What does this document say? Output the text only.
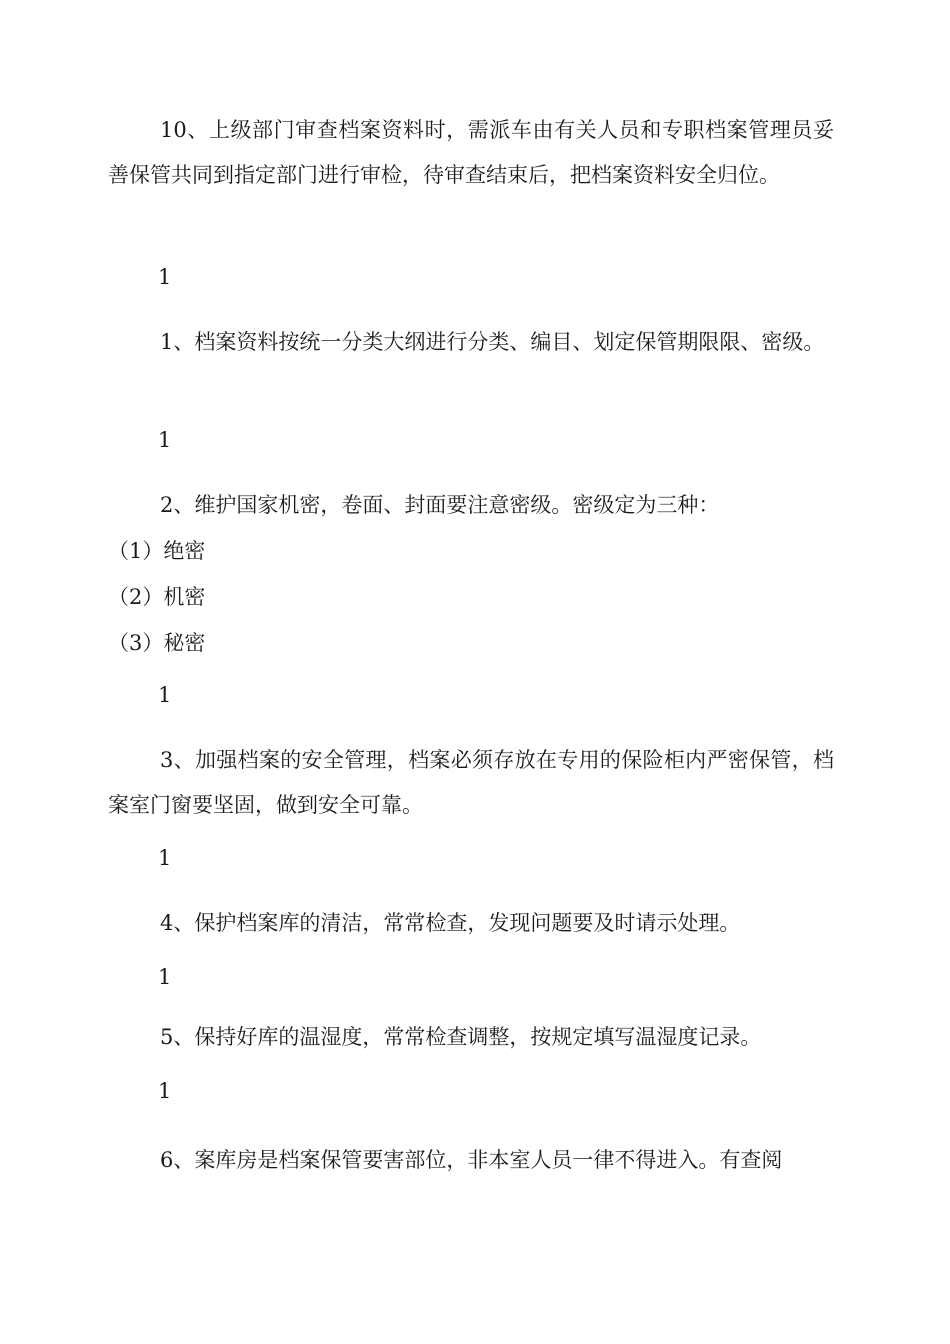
10、上级部门审查档案资料时，需派车由有关人员和专职档案管理员妥善保管共同到指定部门进行审检，待审查结束后，把档案资料安全归位。

1

1、档案资料按统一分类大纲进行分类、编目、划定保管期限限、密级。

1

2、维护国家机密，卷面、封面要注意密级。密级定为三种：

（1）绝密

（2）机密

（3）秘密

1

3、加强档案的安全管理，档案必须存放在专用的保险柜内严密保管，档案室门窗要坚固，做到安全可靠。

1

4、保护档案库的清洁，常常检查，发现问题要及时请示处理。

1

5、保持好库的温湿度，常常检查调整，按规定填写温湿度记录。

1

6、案库房是档案保管要害部位，非本室人员一律不得进入。有查阅
